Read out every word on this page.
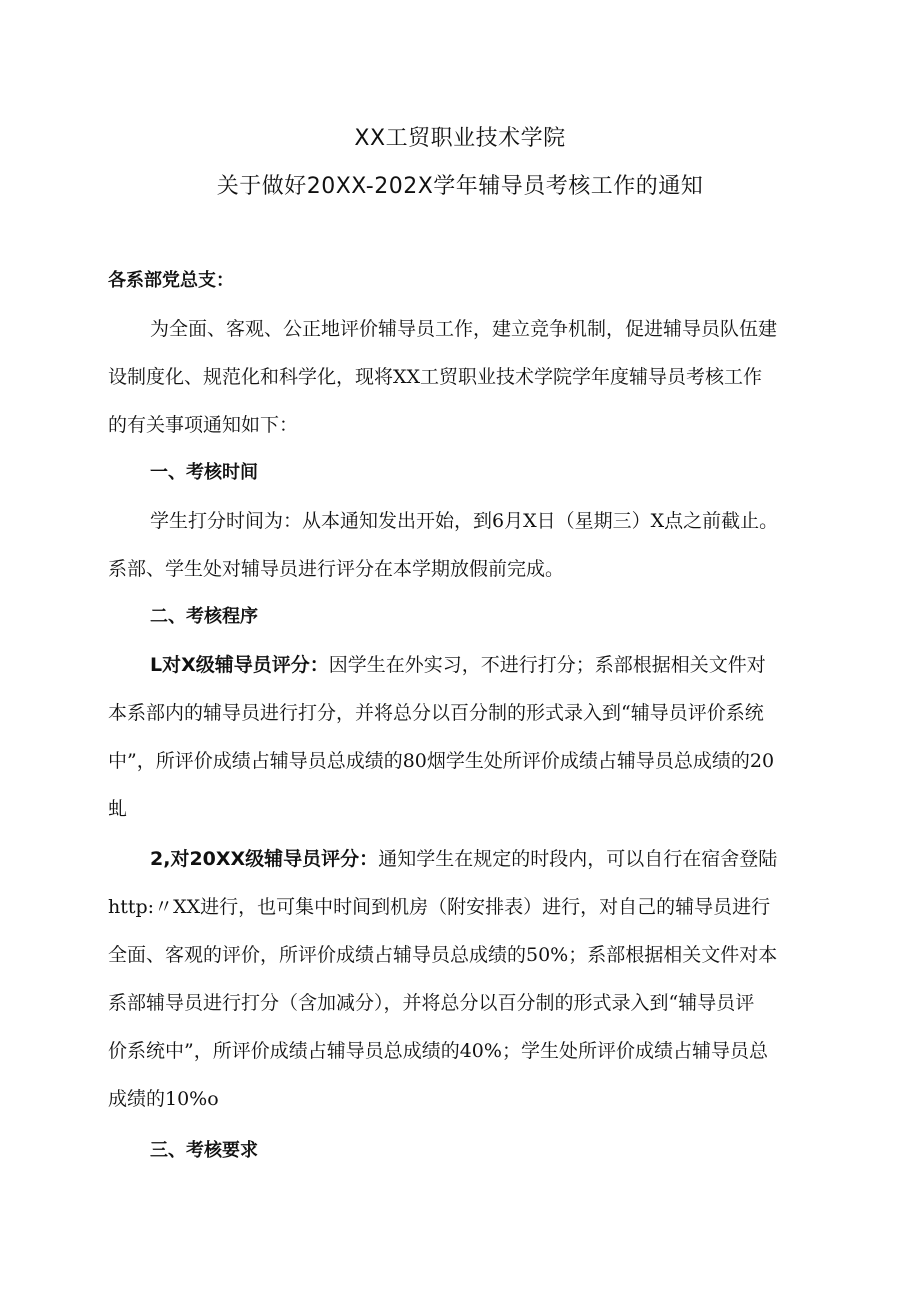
XX工贸职业技术学院
关于做好20XX-202X学年辅导员考核工作的通知
各系部党总支：
为全面、客观、公正地评价辅导员工作，建立竞争机制，促进辅导员队伍建
设制度化、规范化和科学化，现将XX工贸职业技术学院学年度辅导员考核工作
的有关事项通知如下：
一、考核时间
学生打分时间为：从本通知发出开始，到6月X日（星期三）X点之前截止。
系部、学生处对辅导员进行评分在本学期放假前完成。
二、考核程序
L对X级辅导员评分：因学生在外实习，不进行打分；系部根据相关文件对
本系部内的辅导员进行打分，并将总分以百分制的形式录入到“辅导员评价系统
中”，所评价成绩占辅导员总成绩的80烟学生处所评价成绩占辅导员总成绩的20
虬
2,对20XX级辅导员评分：通知学生在规定的时段内，可以自行在宿舍登陆
http:〃XX进行，也可集中时间到机房（附安排表）进行，对自己的辅导员进行
全面、客观的评价，所评价成绩占辅导员总成绩的50%；系部根据相关文件对本
系部辅导员进行打分（含加减分），并将总分以百分制的形式录入到“辅导员评
价系统中”，所评价成绩占辅导员总成绩的40%；学生处所评价成绩占辅导员总
成绩的10%o
三、考核要求
